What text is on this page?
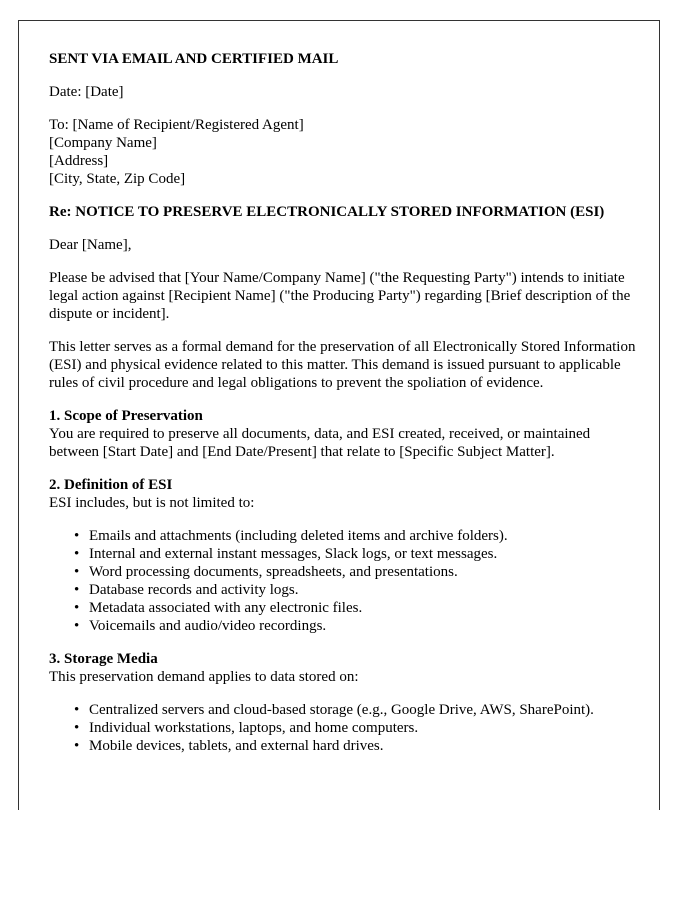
SENT VIA EMAIL AND CERTIFIED MAIL

Date: [Date]

To: [Name of Recipient/Registered Agent]
[Company Name]
[Address]
[City, State, Zip Code]

Re: NOTICE TO PRESERVE ELECTRONICALLY STORED INFORMATION (ESI)

Dear [Name],

Please be advised that [Your Name/Company Name] ("the Requesting Party") intends to initiate legal action against [Recipient Name] ("the Producing Party") regarding [Brief description of the dispute or incident].

This letter serves as a formal demand for the preservation of all Electronically Stored Information (ESI) and physical evidence related to this matter. This demand is issued pursuant to applicable rules of civil procedure and legal obligations to prevent the spoliation of evidence.

1. Scope of Preservation
You are required to preserve all documents, data, and ESI created, received, or maintained between [Start Date] and [End Date/Present] that relate to [Specific Subject Matter].

2. Definition of ESI
ESI includes, but is not limited to:

• Emails and attachments (including deleted items and archive folders).
• Internal and external instant messages, Slack logs, or text messages.
• Word processing documents, spreadsheets, and presentations.
• Database records and activity logs.
• Metadata associated with any electronic files.
• Voicemails and audio/video recordings.

3. Storage Media
This preservation demand applies to data stored on:

• Centralized servers and cloud-based storage (e.g., Google Drive, AWS, SharePoint).
• Individual workstations, laptops, and home computers.
• Mobile devices, tablets, and external hard drives.
